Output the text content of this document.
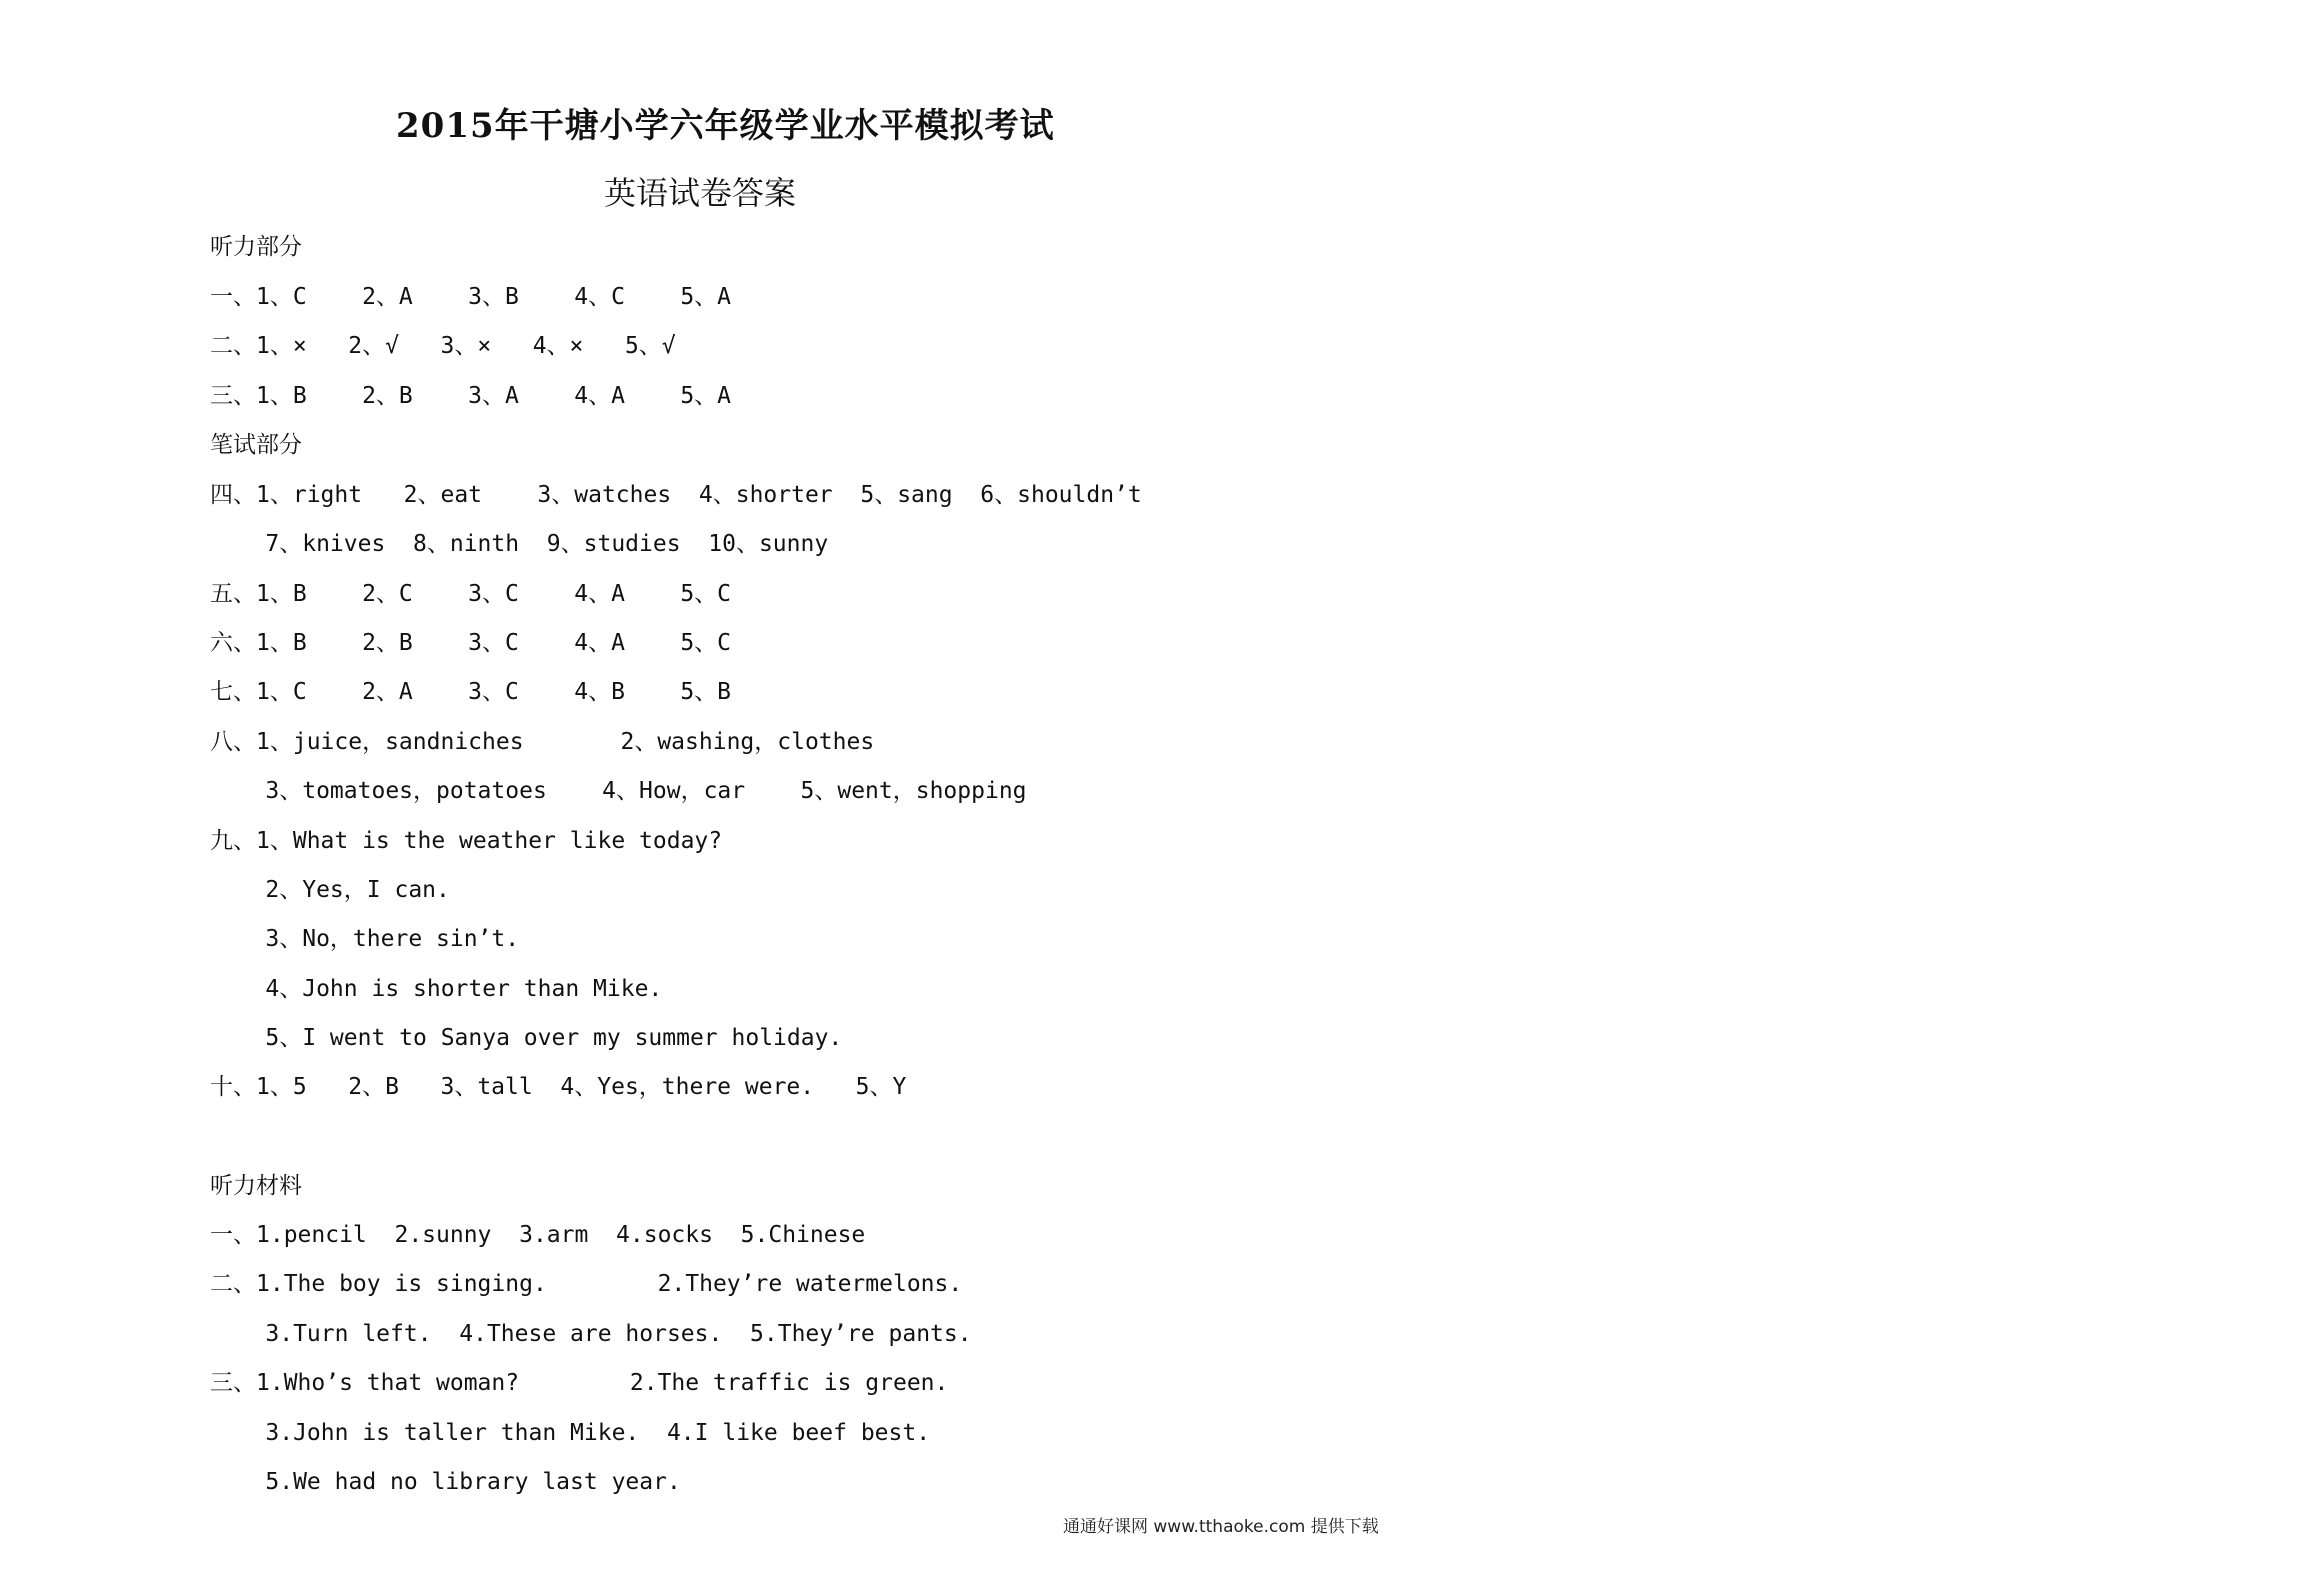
2015年干塘小学六年级学业水平模拟考试
英语试卷答案
听力部分
一、1、C    2、A    3、B    4、C    5、A
二、1、×   2、√   3、×   4、×   5、√
三、1、B    2、B    3、A    4、A    5、A
笔试部分
四、1、right   2、eat    3、watches  4、shorter  5、sang  6、shouldn’t
7、knives  8、ninth  9、studies  10、sunny
五、1、B    2、C    3、C    4、A    5、C
六、1、B    2、B    3、C    4、A    5、C
七、1、C    2、A    3、C    4、B    5、B
八、1、juice，sandniches       2、washing，clothes
3、tomatoes，potatoes    4、How，car    5、went，shopping
九、1、What is the weather like today?
2、Yes，I can.
3、No，there sin’t.
4、John is shorter than Mike.
5、I went to Sanya over my summer holiday.
十、1、5   2、B   3、tall  4、Yes，there were.   5、Y
听力材料
一、1.pencil  2.sunny  3.arm  4.socks  5.Chinese
二、1.The boy is singing.        2.They’re watermelons.
3.Turn left.  4.These are horses.  5.They’re pants.
三、1.Who’s that woman?        2.The traffic is green.
3.John is taller than Mike.  4.I like beef best.
5.We had no library last year.
通通好课网 www.tthaoke.com 提供下载
